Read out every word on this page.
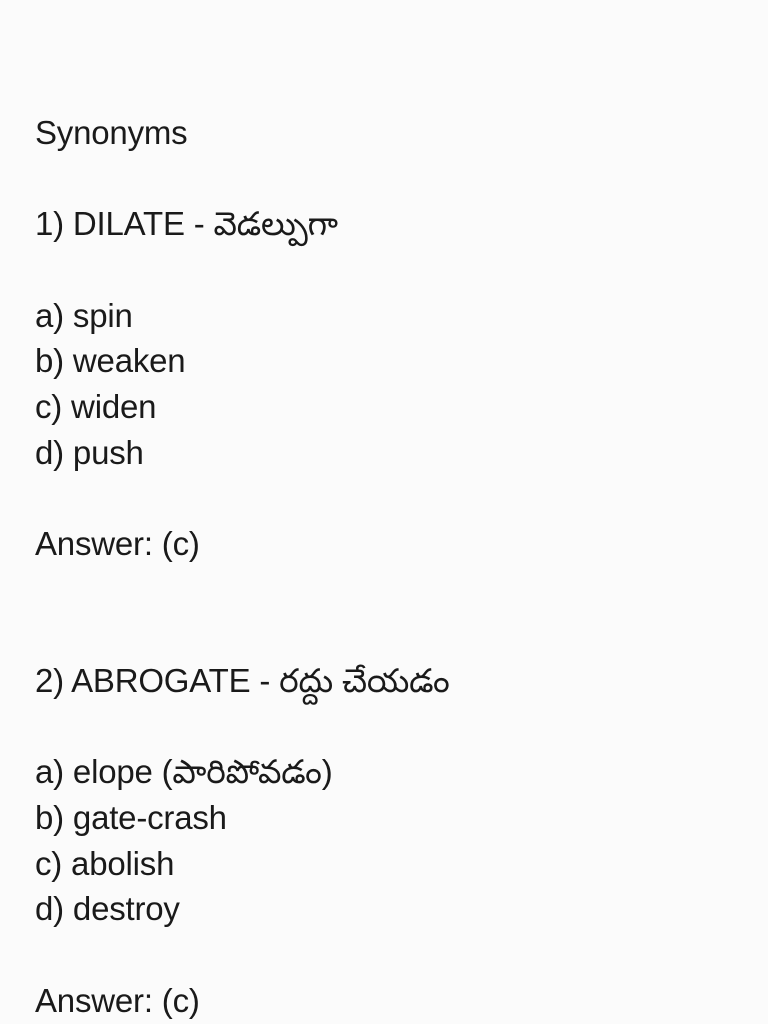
Synonyms
1) DILATE - వెడల్పుగా
a) spin
b) weaken
c) widen
d) push
Answer: (c)
2) ABROGATE - రద్దు చేయడం
a) elope (పారిపోవడం)
b) gate-crash
c) abolish
d) destroy
Answer: (c)
